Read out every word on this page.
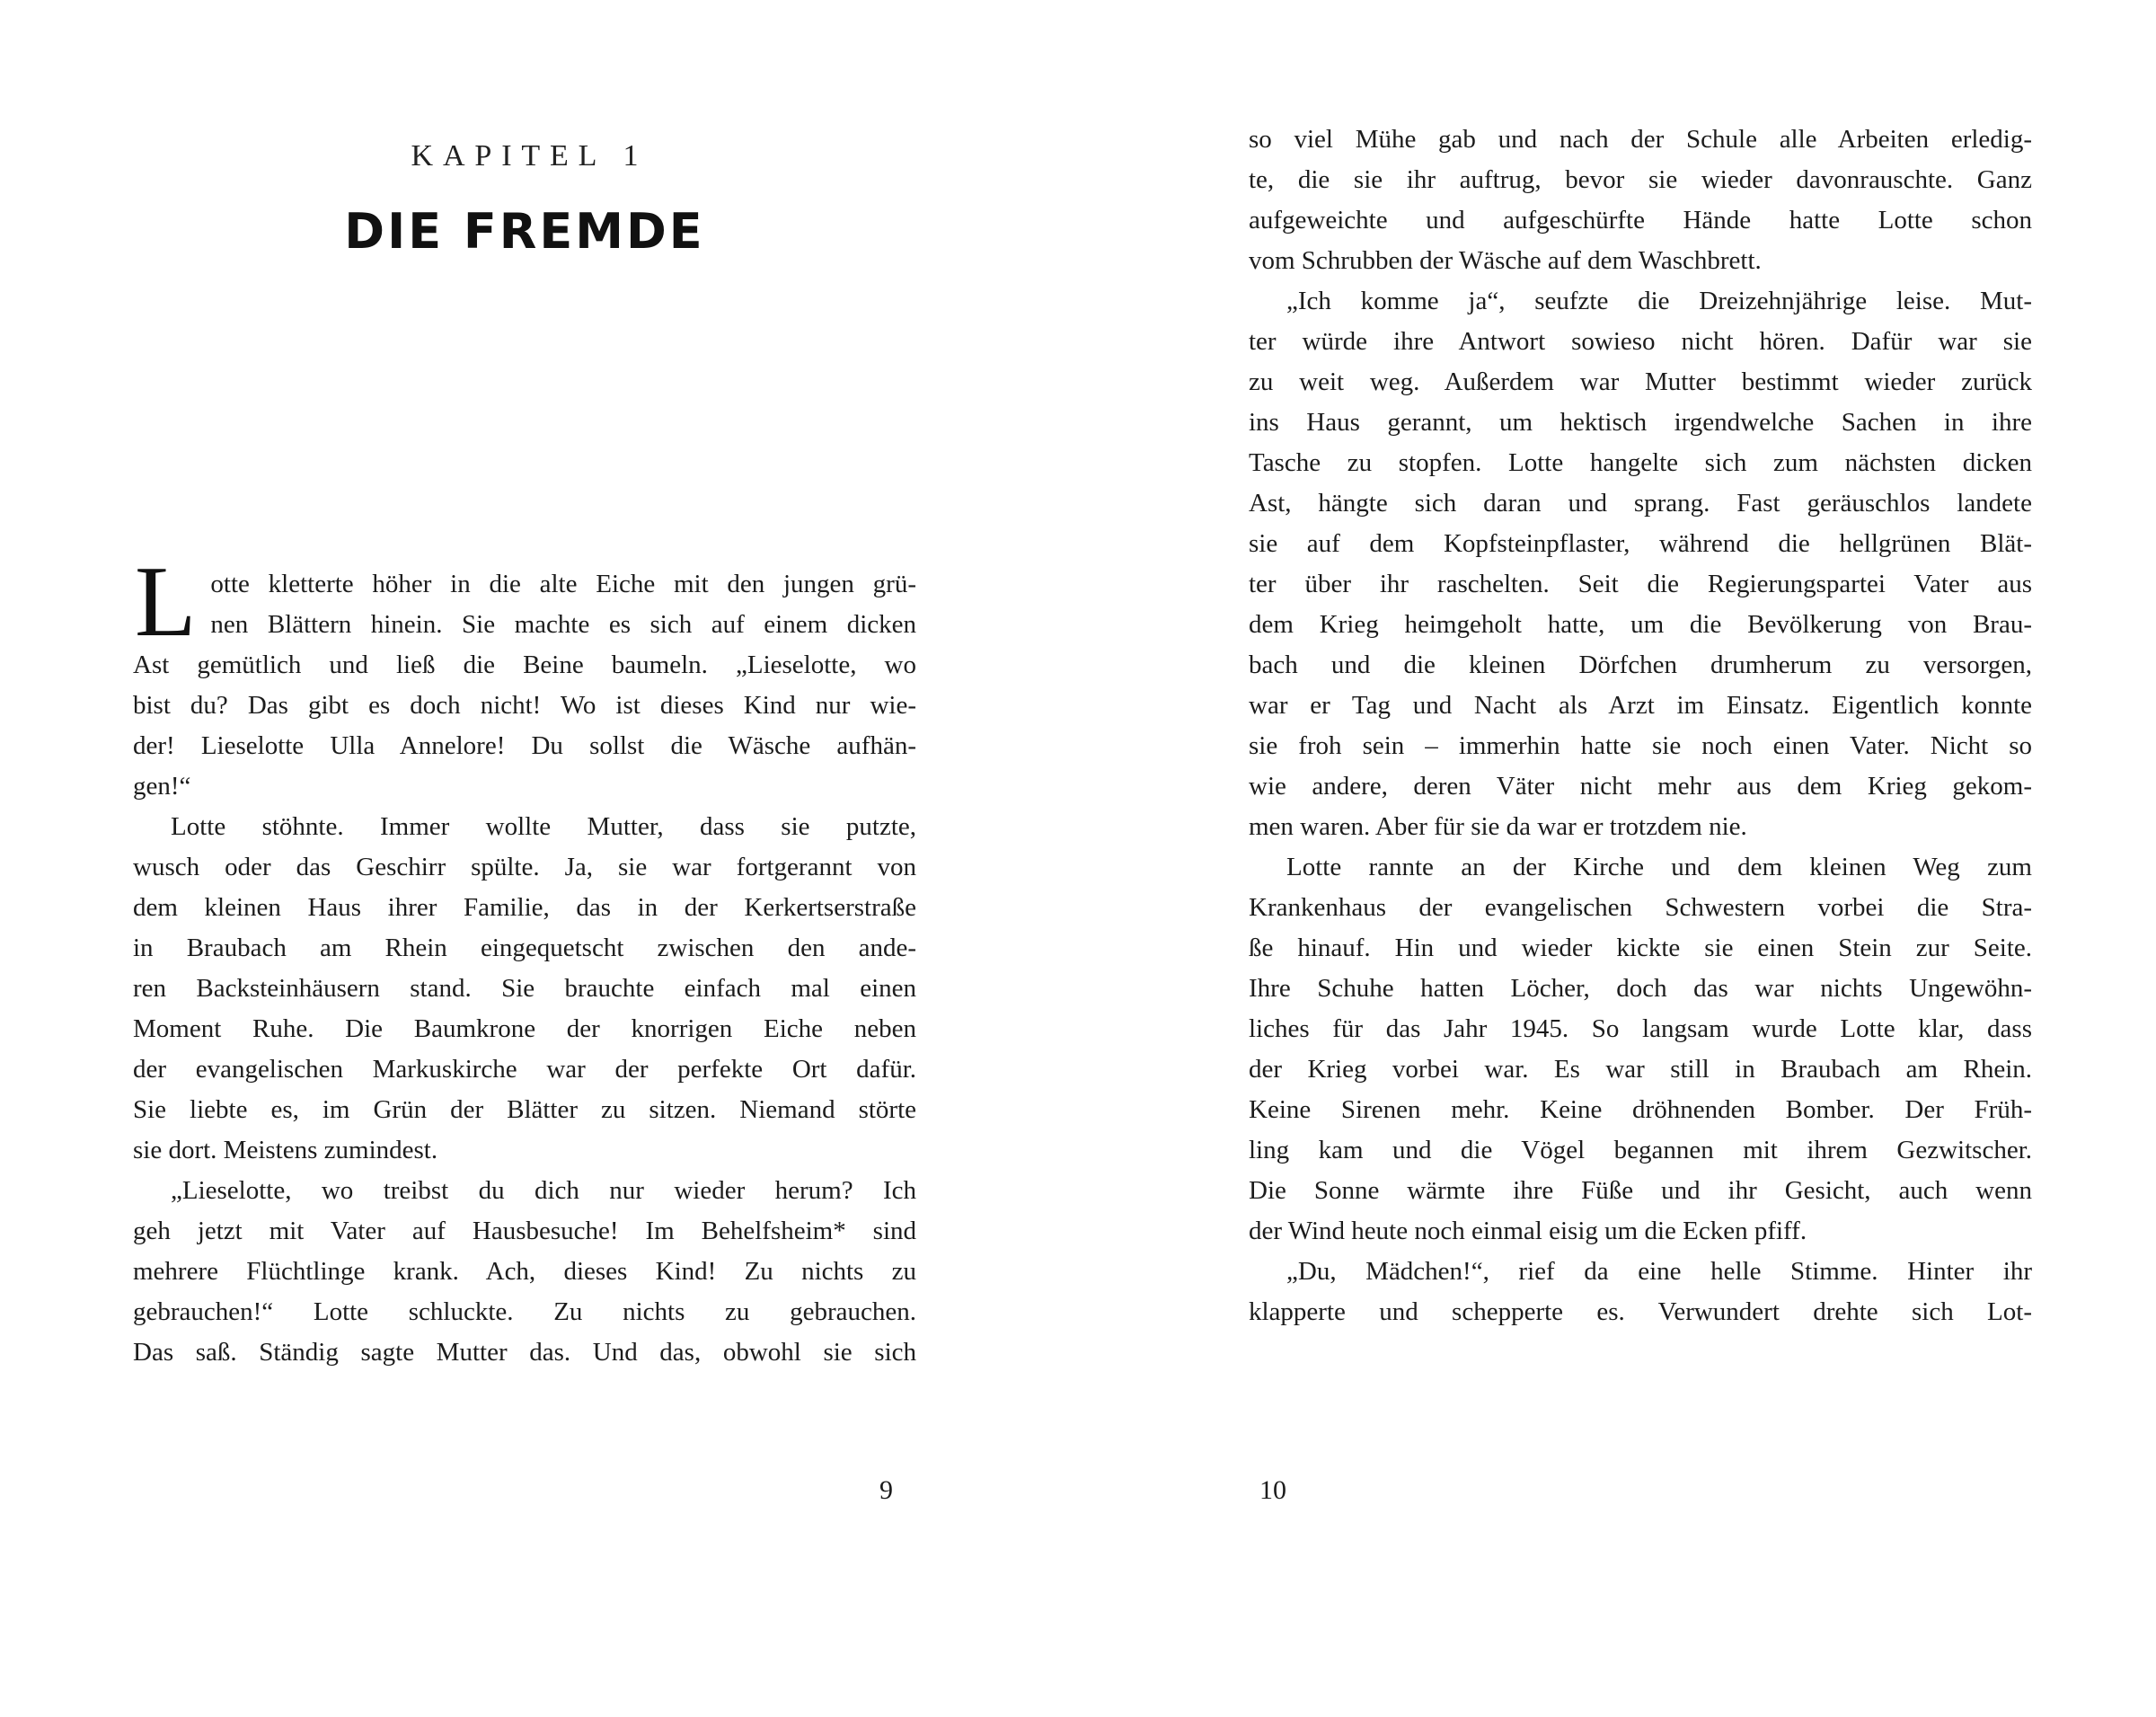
KAPITEL 1
DIE FREMDE
L otte kletterte höher in die alte Eiche mit den jungen grü-
nen Blättern hinein. Sie machte es sich auf einem dicken
Ast gemütlich und ließ die Beine baumeln. „Lieselotte, wo
bist du? Das gibt es doch nicht! Wo ist dieses Kind nur wie-
der! Lieselotte Ulla Annelore! Du sollst die Wäsche aufhän-
gen!“
Lotte stöhnte. Immer wollte Mutter, dass sie putzte,
wusch oder das Geschirr spülte. Ja, sie war fortgerannt von
dem kleinen Haus ihrer Familie, das in der Kerkertserstraße
in Braubach am Rhein eingequetscht zwischen den ande-
ren Backsteinhäusern stand. Sie brauchte einfach mal einen
Moment Ruhe. Die Baumkrone der knorrigen Eiche neben
der evangelischen Markuskirche war der perfekte Ort dafür.
Sie liebte es, im Grün der Blätter zu sitzen. Niemand störte
sie dort. Meistens zumindest.
„Lieselotte, wo treibst du dich nur wieder herum? Ich
geh jetzt mit Vater auf Hausbesuche! Im Behelfsheim* sind
mehrere Flüchtlinge krank. Ach, dieses Kind! Zu nichts zu
gebrauchen!“ Lotte schluckte. Zu nichts zu gebrauchen.
Das saß. Ständig sagte Mutter das. Und das, obwohl sie sich
9
so viel Mühe gab und nach der Schule alle Arbeiten erledig-
te, die sie ihr auftrug, bevor sie wieder davonrauschte. Ganz
aufgeweichte und aufgeschürfte Hände hatte Lotte schon
vom Schrubben der Wäsche auf dem Waschbrett.
„Ich komme ja“, seufzte die Dreizehnjährige leise. Mut-
ter würde ihre Antwort sowieso nicht hören. Dafür war sie
zu weit weg. Außerdem war Mutter bestimmt wieder zurück
ins Haus gerannt, um hektisch irgendwelche Sachen in ihre
Tasche zu stopfen. Lotte hangelte sich zum nächsten dicken
Ast, hängte sich daran und sprang. Fast geräuschlos landete
sie auf dem Kopfsteinpflaster, während die hellgrünen Blät-
ter über ihr raschelten. Seit die Regierungspartei Vater aus
dem Krieg heimgeholt hatte, um die Bevölkerung von Brau-
bach und die kleinen Dörfchen drumherum zu versorgen,
war er Tag und Nacht als Arzt im Einsatz. Eigentlich konnte
sie froh sein – immerhin hatte sie noch einen Vater. Nicht so
wie andere, deren Väter nicht mehr aus dem Krieg gekom-
men waren. Aber für sie da war er trotzdem nie.
Lotte rannte an der Kirche und dem kleinen Weg zum
Krankenhaus der evangelischen Schwestern vorbei die Stra-
ße hinauf. Hin und wieder kickte sie einen Stein zur Seite.
Ihre Schuhe hatten Löcher, doch das war nichts Ungewöhn-
liches für das Jahr 1945. So langsam wurde Lotte klar, dass
der Krieg vorbei war. Es war still in Braubach am Rhein.
Keine Sirenen mehr. Keine dröhnenden Bomber. Der Früh-
ling kam und die Vögel begannen mit ihrem Gezwitscher.
Die Sonne wärmte ihre Füße und ihr Gesicht, auch wenn
der Wind heute noch einmal eisig um die Ecken pfiff.
„Du, Mädchen!“, rief da eine helle Stimme. Hinter ihr
klapperte und schepperte es. Verwundert drehte sich Lot-
10
